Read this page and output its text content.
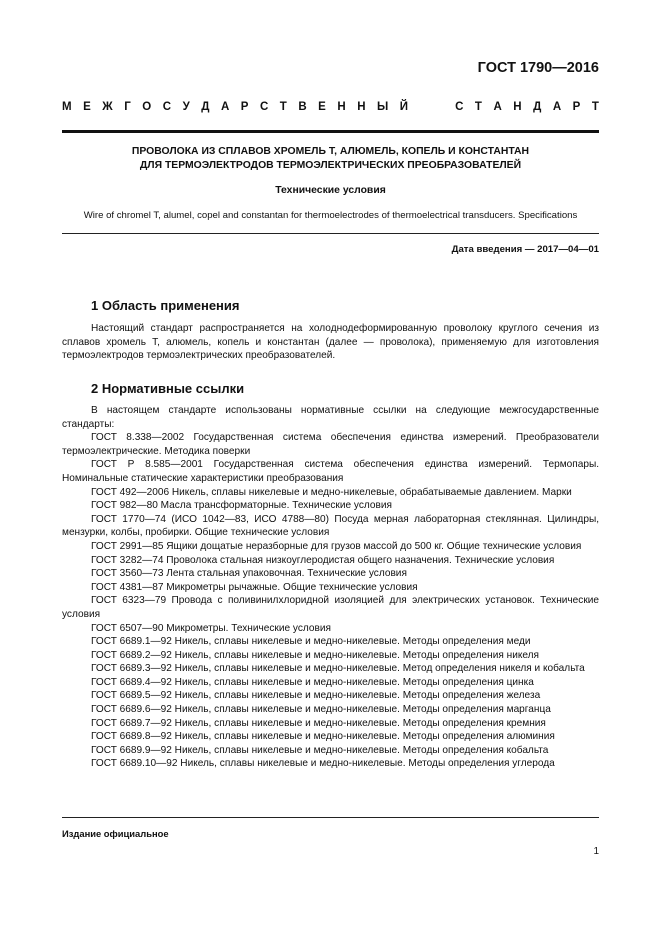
ГОСТ 1790—2016
М Е Ж Г О С У Д А Р С Т В Е Н Н Ы Й	С Т А Н Д А Р Т
ПРОВОЛОКА ИЗ СПЛАВОВ ХРОМЕЛЬ Т, АЛЮМЕЛЬ, КОПЕЛЬ И КОНСТАНТАН
ДЛЯ ТЕРМОЭЛЕКТРОДОВ ТЕРМОЭЛЕКТРИЧЕСКИХ ПРЕОБРАЗОВАТЕЛЕЙ
Технические условия
Wire of chromel T, alumel, copel and constantan for thermoelectrodes of thermoelectrical transducers. Specifications
Дата введения — 2017—04—01
1 Область применения

Настоящий стандарт распространяется на холоднодеформированную проволоку круглого сечения из сплавов хромель Т, алюмель, копель и константан (далее — проволока), применяемую для изготовления термоэлектродов термоэлектрических преобразователей.

2 Нормативные ссылки

В настоящем стандарте использованы нормативные ссылки на следующие межгосударственные стандарты:

ГОСТ 8.338—2002 Государственная система обеспечения единства измерений. Преобразователи термоэлектрические. Методика поверки

ГОСТ Р 8.585—2001 Государственная система обеспечения единства измерений. Термопары. Номинальные статические характеристики преобразования

ГОСТ 492—2006 Никель, сплавы никелевые и медно-никелевые, обрабатываемые давлением. Марки

ГОСТ 982—80 Масла трансформаторные. Технические условия

ГОСТ 1770—74 (ИСО 1042—83, ИСО 4788—80) Посуда мерная лабораторная стеклянная. Цилиндры, мензурки, колбы, пробирки. Общие технические условия

ГОСТ 2991—85 Ящики дощатые неразборные для грузов массой до 500 кг. Общие технические условия

ГОСТ 3282—74 Проволока стальная низкоуглеродистая общего назначения. Технические условия

ГОСТ 3560—73 Лента стальная упаковочная. Технические условия

ГОСТ 4381—87 Микрометры рычажные. Общие технические условия

ГОСТ 6323—79 Провода с поливинилхлоридной изоляцией для электрических установок. Технические условия

ГОСТ 6507—90 Микрометры. Технические условия

ГОСТ 6689.1—92 Никель, сплавы никелевые и медно-никелевые. Методы определения меди

ГОСТ 6689.2—92 Никель, сплавы никелевые и медно-никелевые. Методы определения никеля

ГОСТ 6689.3—92 Никель, сплавы никелевые и медно-никелевые. Метод определения никеля и кобальта

ГОСТ 6689.4—92 Никель, сплавы никелевые и медно-никелевые. Методы определения цинка

ГОСТ 6689.5—92 Никель, сплавы никелевые и медно-никелевые. Методы определения железа

ГОСТ 6689.6—92 Никель, сплавы никелевые и медно-никелевые. Методы определения марганца

ГОСТ 6689.7—92 Никель, сплавы никелевые и медно-никелевые. Методы определения кремния

ГОСТ 6689.8—92 Никель, сплавы никелевые и медно-никелевые. Методы определения алюминия

ГОСТ 6689.9—92 Никель, сплавы никелевые и медно-никелевые. Методы определения кобальта

ГОСТ 6689.10—92 Никель, сплавы никелевые и медно-никелевые. Методы определения углерода

Издание официальное
1
